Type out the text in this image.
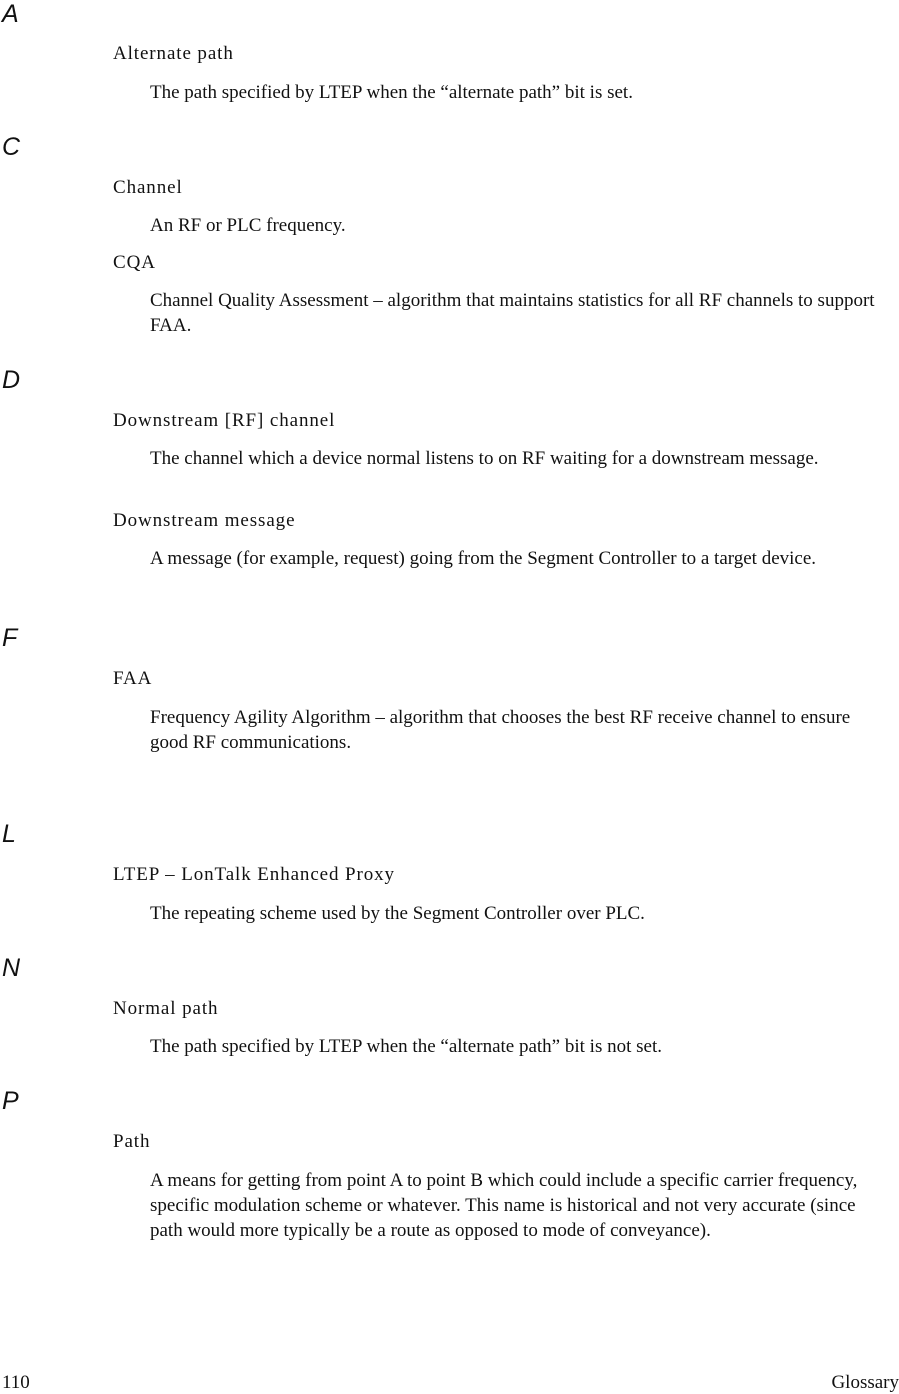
A
Alternate path
The path specified by LTEP when the “alternate path” bit is set.
C
Channel
An RF or PLC frequency.
CQA
Channel Quality Assessment – algorithm that maintains statistics for all RF channels to support FAA.
D
Downstream [RF] channel
The channel which a device normal listens to on RF waiting for a downstream message.
Downstream message
A message (for example, request) going from the Segment Controller to a target device.
F
FAA
Frequency Agility Algorithm – algorithm that chooses the best RF receive channel to ensure good RF communications.
L
LTEP – LonTalk Enhanced Proxy
The repeating scheme used by the Segment Controller over PLC.
N
Normal path
The path specified by LTEP when the “alternate path” bit is not set.
P
Path
A means for getting from point A to point B which could include a specific carrier frequency, specific modulation scheme or whatever. This name is historical and not very accurate (since path would more typically be a route as opposed to mode of conveyance).
110	Glossary
